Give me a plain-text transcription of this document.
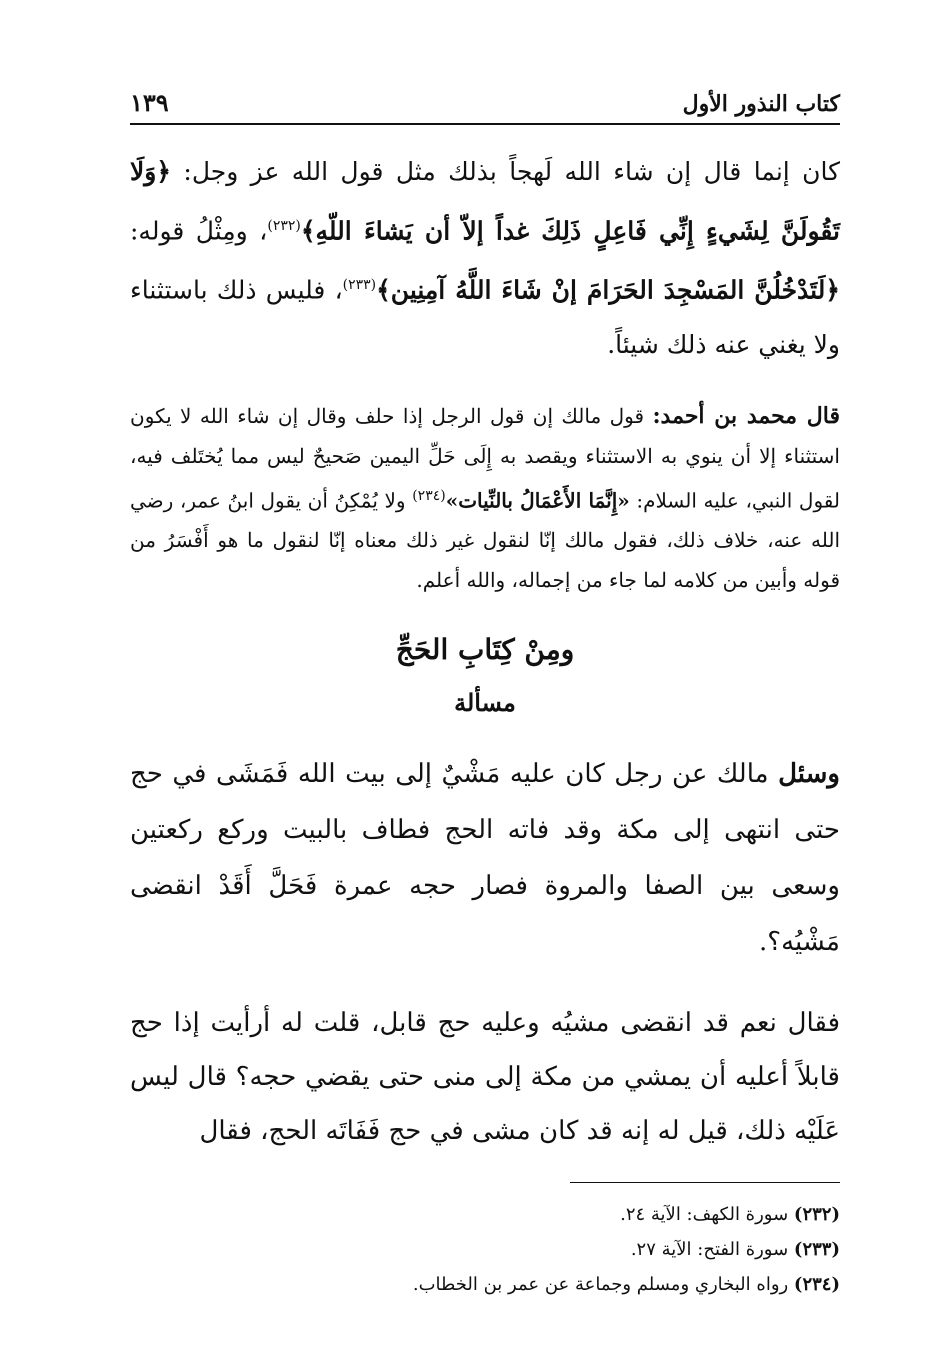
كتاب النذور الأول
١٣٩

كان إنما قال إن شاء الله لَهجاً بذلك مثل قول الله عز وجل: ﴿وَلَا تَقُولَنَّ لِشَيءٍ إِنِّي فَاعِلٍ ذَلِكَ غداً إلاّ أن يَشاءَ اللّهِ﴾$^{(٢٣٢)}$، ومِثْلُ قوله: ﴿لَتَدْخُلُنَّ المَسْجِدَ الحَرَامَ إنْ شَاءَ اللَّهُ آمِنِين﴾$^{(٢٣٣)}$، فليس ذلك باستثناء ولا يغني عنه ذلك شيئاً.

قال محمد بن أحمد: قول مالك إن قول الرجل إذا حلف وقال إن شاء الله لا يكون استثناء إلا أن ينوي به الاستثناء ويقصد به إِلَى حَلِّ اليمين صَحيحٌ ليس مما يُختَلف فيه، لقول النبي، عليه السلام: «إِنَّمَا الأَعْمَالُ بالنِّيات»$^{(٢٣٤)}$ ولا يُمْكِنُ أن يقول ابنُ عمر، رضي الله عنه، خلاف ذلك، فقول مالك إنّا لنقول غير ذلك معناه إنّا لنقول ما هو أَفْسَرُ من قوله وأبين من كلامه لما جاء من إجماله، والله أعلم.

ومِنْ كِتَابِ الحَجِّ
مسألة

وسئل مالك عن رجل كان عليه مَشْيٌ إلى بيت الله فَمَشَى في حج حتى انتهى إلى مكة وقد فاته الحج فطاف بالبيت وركع ركعتين وسعى بين الصفا والمروة فصار حجه عمرة فَحَلَّ أَقَدْ انقضى مَشْيُه؟.

فقال نعم قد انقضى مشيُه وعليه حج قابل، قلت له أرأيت إذا حج قابلاً أعليه أن يمشي من مكة إلى منى حتى يقضي حجه؟ قال ليس عَلَيْه ذلك، قيل له إنه قد كان مشى في حج فَفَاتَه الحج، فقال

(٢٣٢) سورة الكهف: الآية ٢٤.
(٢٣٣) سورة الفتح: الآية ٢٧.
(٢٣٤) رواه البخاري ومسلم وجماعة عن عمر بن الخطاب.
